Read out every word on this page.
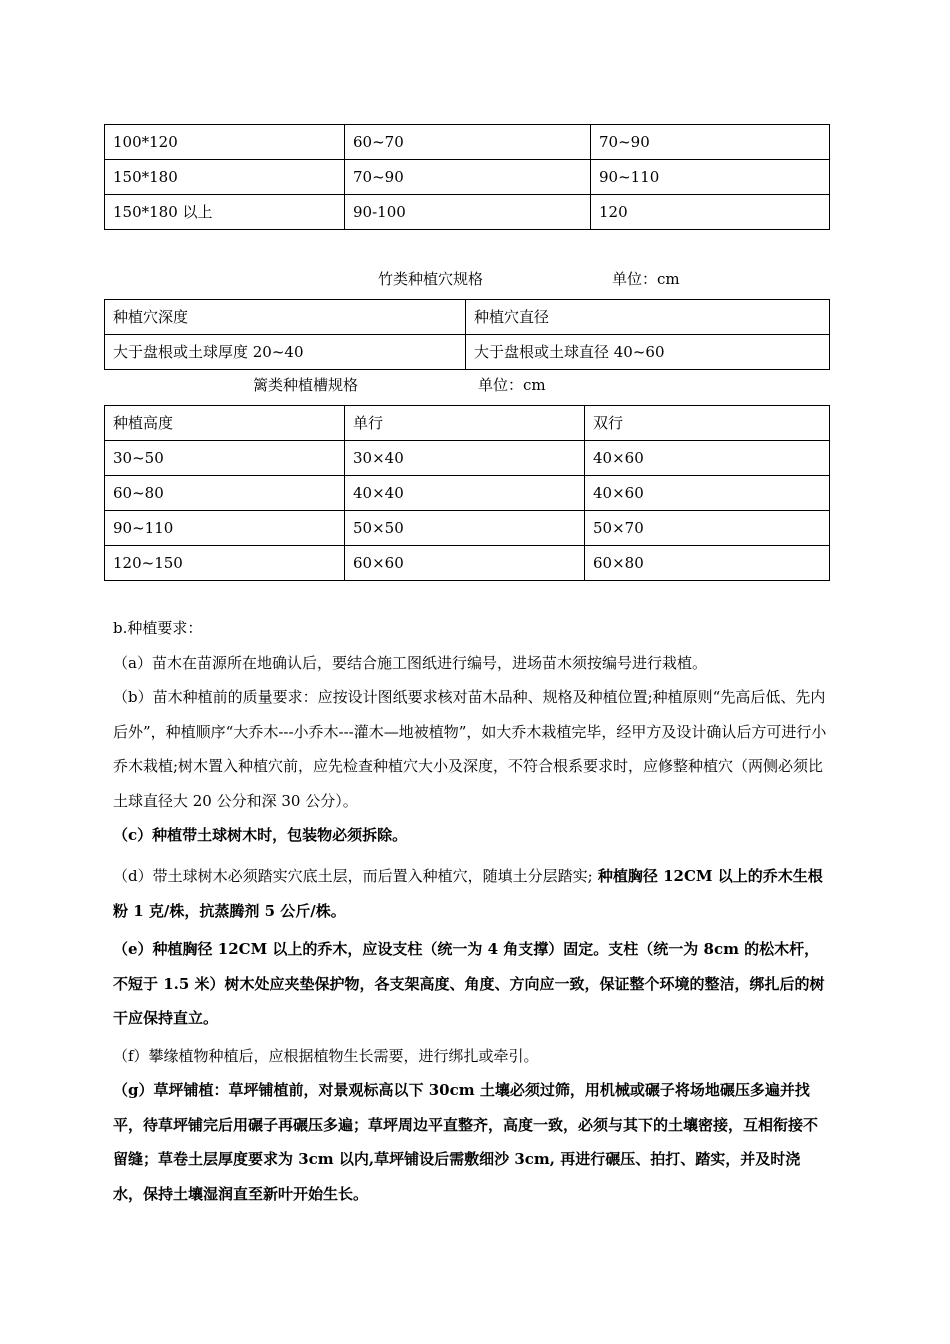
100*120	60~70	70~90
150*180	70~90	90~110
150*180 以上	90-100	120
竹类种植穴规格	单位：cm
种植穴深度	种植穴直径
大于盘根或土球厚度 20~40	大于盘根或土球直径 40~60
篱类种植槽规格	单位：cm
种植高度	单行	双行
30~50	30×40	40×60
60~80	40×40	40×60
90~110	50×50	50×70
120~150	60×60	60×80

b.种植要求：

（a）苗木在苗源所在地确认后，要结合施工图纸进行编号，进场苗木须按编号进行栽植。

（b）苗木种植前的质量要求：应按设计图纸要求核对苗木品种、规格及种植位置;种植原则“先高后低、先内后外”，种植顺序“大乔木---小乔木---灌木—地被植物”，如大乔木栽植完毕，经甲方及设计确认后方可进行小乔木栽植;树木置入种植穴前，应先检查种植穴大小及深度，不符合根系要求时，应修整种植穴（两侧必须比土球直径大 20 公分和深 30 公分）。

（c）种植带土球树木时，包装物必须拆除。

（d）带土球树木必须踏实穴底土层，而后置入种植穴，随填土分层踏实; 种植胸径 12CM 以上的乔木生根粉 1 克/株，抗蒸腾剂 5 公斤/株。

（e）种植胸径 12CM 以上的乔木，应设支柱（统一为 4 角支撑）固定。支柱（统一为 8cm 的松木杆，不短于 1.5 米）树木处应夹垫保护物，各支架高度、角度、方向应一致，保证整个环境的整洁，绑扎后的树干应保持直立。

（f）攀缘植物种植后，应根据植物生长需要，进行绑扎或牵引。

（g）草坪铺植：草坪铺植前，对景观标高以下 30cm 土壤必须过筛，用机械或碾子将场地碾压多遍并找平，待草坪铺完后用碾子再碾压多遍；草坪周边平直整齐，高度一致，必须与其下的土壤密接，互相衔接不留缝；草卷土层厚度要求为 3cm 以内,草坪铺设后需敷细沙 3cm, 再进行碾压、拍打、踏实，并及时浇水，保持土壤湿润直至新叶开始生长。
